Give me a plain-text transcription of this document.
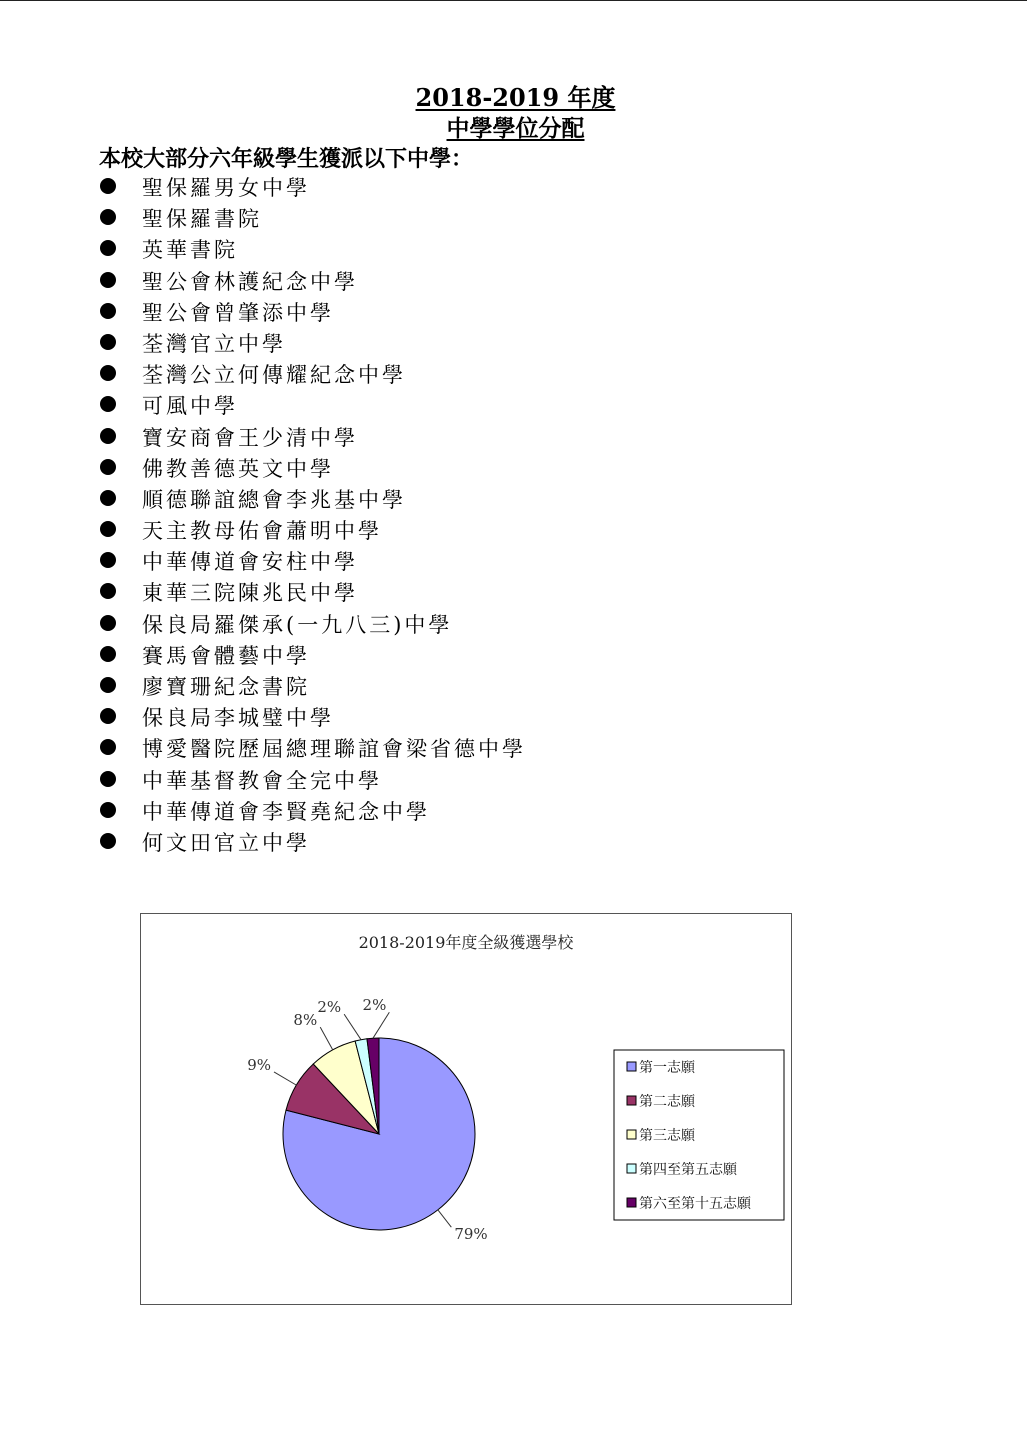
2018-2019 年度
中學學位分配
本校大部分六年級學生獲派以下中學：
聖保羅男女中學
聖保羅書院
英華書院
聖公會林護紀念中學
聖公會曾肇添中學
荃灣官立中學
荃灣公立何傳耀紀念中學
可風中學
寶安商會王少清中學
佛教善德英文中學
順德聯誼總會李兆基中學
天主教母佑會蕭明中學
中華傳道會安柱中學
東華三院陳兆民中學
保良局羅傑承(一九八三)中學
賽馬會體藝中學
廖寶珊紀念書院
保良局李城璧中學
博愛醫院歷屆總理聯誼會梁省德中學
中華基督教會全完中學
中華傳道會李賢堯紀念中學
何文田官立中學
2018-2019年度全級獲選學校
79%
9%
8%
2% 2%
第一志願
第二志願
第三志願
第四至第五志願
第六至第十五志願
